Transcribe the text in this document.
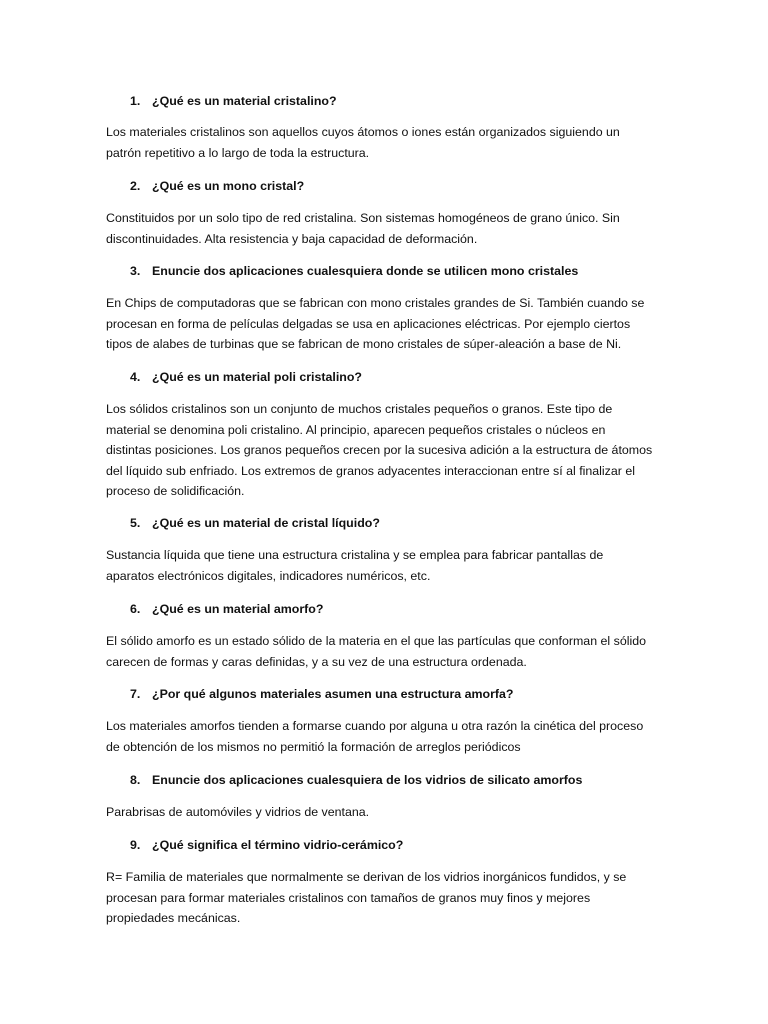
1. ¿Qué es un material cristalino?
Los materiales cristalinos son aquellos cuyos átomos o iones están organizados siguiendo un
patrón repetitivo a lo largo de toda la estructura.
2. ¿Qué es un mono cristal?
Constituidos por un solo tipo de red cristalina. Son sistemas homogéneos de grano único. Sin
discontinuidades. Alta resistencia y baja capacidad de deformación.
3. Enuncie dos aplicaciones cualesquiera donde se utilicen mono cristales
En Chips de computadoras que se fabrican con mono cristales grandes de Si. También cuando se
procesan en forma de películas delgadas se usa en aplicaciones eléctricas. Por ejemplo ciertos
tipos de alabes de turbinas que se fabrican de mono cristales de súper-aleación a base de Ni.
4. ¿Qué es un material poli cristalino?
Los sólidos cristalinos son un conjunto de muchos cristales pequeños o granos. Este tipo de
material se denomina poli cristalino. Al principio, aparecen pequeños cristales o núcleos en
distintas posiciones. Los granos pequeños crecen por la sucesiva adición a la estructura de átomos
del líquido sub enfriado. Los extremos de granos adyacentes interaccionan entre sí al finalizar el
proceso de solidificación.
5. ¿Qué es un material de cristal líquido?
Sustancia líquida que tiene una estructura cristalina y se emplea para fabricar pantallas de
aparatos electrónicos digitales, indicadores numéricos, etc.
6. ¿Qué es un material amorfo?
El sólido amorfo es un estado sólido de la materia en el que las partículas que conforman el sólido
carecen de formas y caras definidas, y a su vez de una estructura ordenada.
7. ¿Por qué algunos materiales asumen una estructura amorfa?
Los materiales amorfos tienden a formarse cuando por alguna u otra razón la cinética del proceso
de obtención de los mismos no permitió la formación de arreglos periódicos
8. Enuncie dos aplicaciones cualesquiera de los vidrios de silicato amorfos
Parabrisas de automóviles y vidrios de ventana.
9. ¿Qué significa el término vidrio-cerámico?
R= Familia de materiales que normalmente se derivan de los vidrios inorgánicos fundidos, y se
procesan para formar materiales cristalinos con tamaños de granos muy finos y mejores
propiedades mecánicas.
